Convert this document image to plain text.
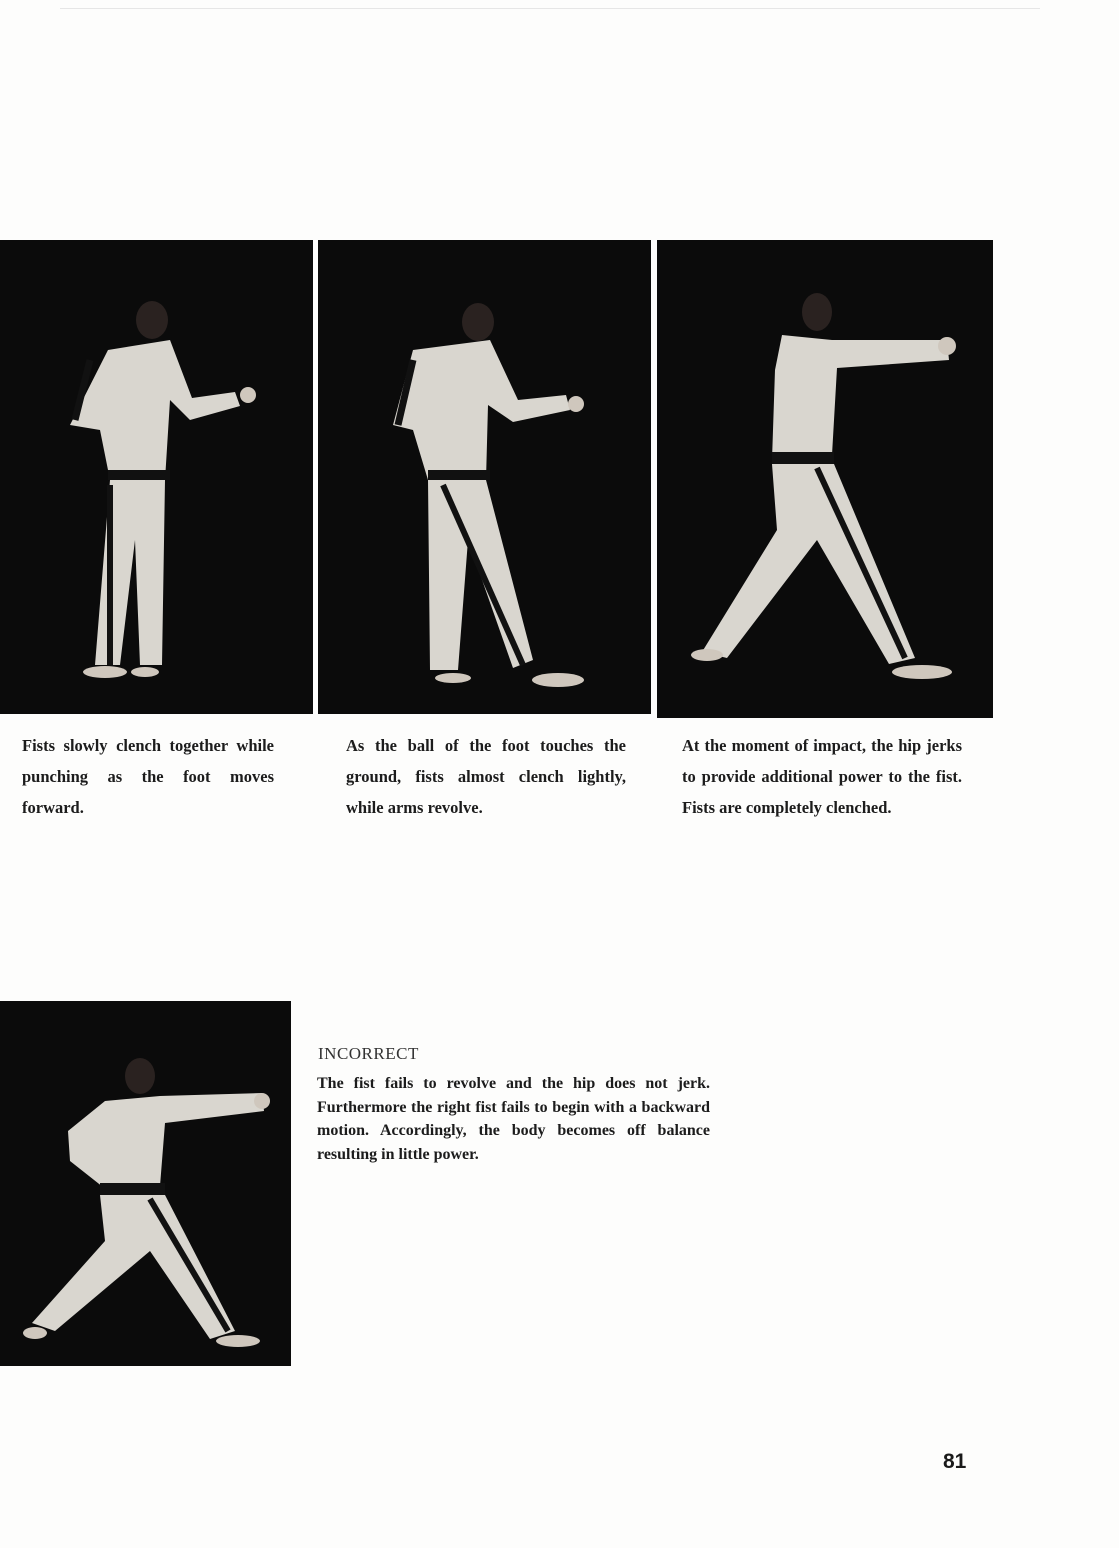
Fists slowly clench together while punching as the foot moves forward.
As the ball of the foot touches the ground, fists almost clench lightly, while arms revolve.
At the moment of impact, the hip jerks to provide additional power to the fist. Fists are completely clenched.
INCORRECT
The fist fails to revolve and the hip does not jerk. Furthermore the right fist fails to begin with a backward motion. Accordingly, the body becomes off balance resulting in little power.
81
